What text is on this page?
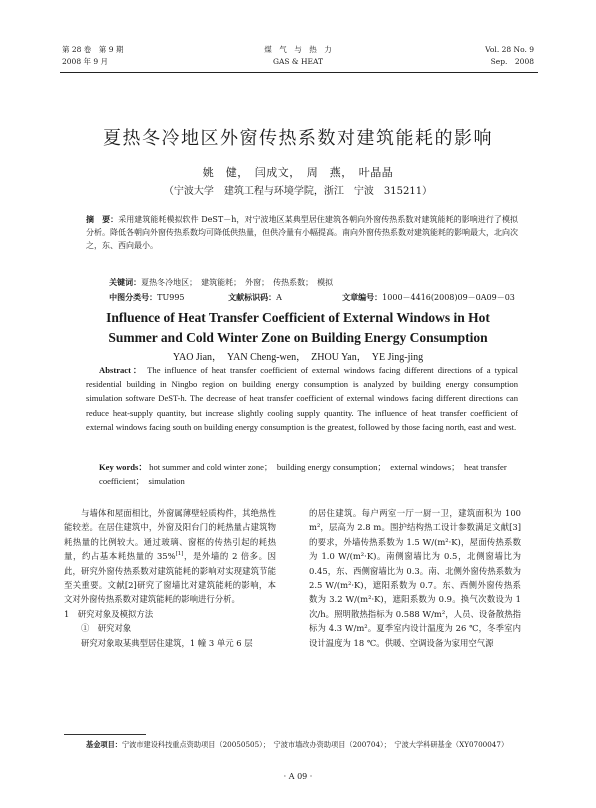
第 28 卷　第 9 期
2008 年 9 月
煤　气　与　热　力
GAS & HEAT
Vol. 28 No. 9
Sep.　2008
夏热冬冷地区外窗传热系数对建筑能耗的影响
姚　健，　闫成文，　周　燕，　叶晶晶
（宁波大学　建筑工程与环境学院，浙江　宁波　315211）
摘　要：采用建筑能耗模拟软件 DeST－h，对宁波地区某典型居住建筑各朝向外窗传热系数对建筑能耗的影响进行了模拟分析。降低各朝向外窗传热系数均可降低供热量，但供冷量有小幅提高。南向外窗传热系数对建筑能耗的影响最大，北向次之，东、西向最小。

关键词：夏热冬冷地区；　建筑能耗；　外窗；　传热系数；　模拟

中图分类号：TU995
	文献标识码：A
	文章编号：1000－4416(2008)09－0A09－03

Influence of Heat Transfer Coefficient of External Windows in Hot
Summer and Cold Winter Zone on Building Energy Consumption
YAO Jian，　YAN Cheng-wen，　ZHOU Yan，　YE Jing-jing
Abstract： The influence of heat transfer coefficient of external windows facing different directions of a typical residential building in Ningbo region on building energy consumption is analyzed by building energy consumption simulation software DeST-h. The decrease of heat transfer coefficient of external windows facing different directions can reduce heat-supply quantity, but increase slightly cooling supply quantity. The influence of heat transfer coefficient of external windows facing south on building energy consumption is the greatest, followed by those facing north, east and west.
Key words： hot summer and cold winter zone；　building energy consumption；　external windows；　heat transfer coefficient；　simulation

与墙体和屋面相比，外窗属薄壁轻质构件，其绝热性能较差。在居住建筑中，外窗及阳台门的耗热量占建筑物耗热量的比例较大。通过玻璃、窗框的传热引起的耗热量，约占基本耗热量的 35%[1]，是外墙的 2 倍多。因此，研究外窗传热系数对建筑能耗的影响对实现建筑节能至关重要。文献[2]研究了窗墙比对建筑能耗的影响，本文对外窗传热系数对建筑能耗的影响进行分析。

1　研究对象及模拟方法

①　研究对象

研究对象取某典型居住建筑，1 幢 3 单元 6 层

的居住建筑。每户两室一厅一厨一卫，建筑面积为 100 m²，层高为 2.8 m。围护结构热工设计参数满足文献[3]的要求，外墙传热系数为 1.5 W/(m²·K)，屋面传热系数为 1.0 W/(m²·K)。南侧窗墙比为 0.5，北侧窗墙比为 0.45，东、西侧窗墙比为 0.3。南、北侧外窗传热系数为 2.5 W/(m²·K)，遮阳系数为 0.7。东、西侧外窗传热系数为 3.2 W/(m²·K)，遮阳系数为 0.9。换气次数设为 1 次/h。照明散热指标为 0.588 W/m²，人员、设备散热指标为 4.3 W/m²。夏季室内设计温度为 26 ℃，冬季室内设计温度为 18 ℃。供暖、空调设备为家用空气源

基金项目：宁波市建设科技重点资助项目（20050505）；　宁波市墙改办资助项目（200704）；　宁波大学科研基金（XY0700047）
· A 09 ·
